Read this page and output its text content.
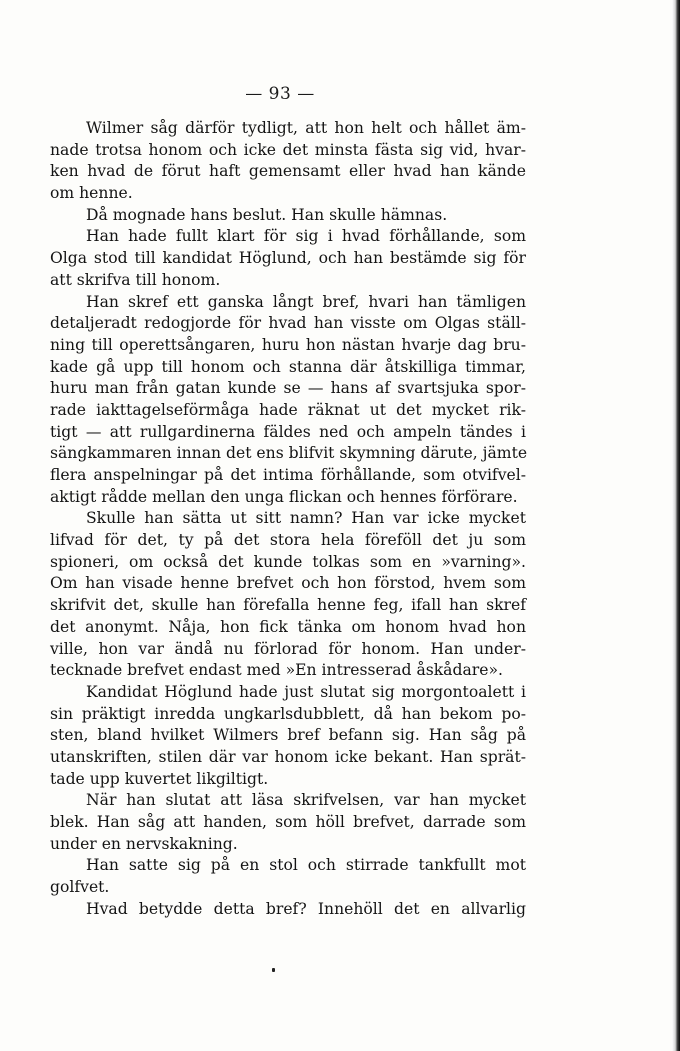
— 93 —
Wilmer såg därför tydligt, att hon helt och hållet äm-
nade trotsa honom och icke det minsta fästa sig vid, hvar-
ken hvad de förut haft gemensamt eller hvad han kände
om henne.
Då mognade hans beslut. Han skulle hämnas.
Han hade fullt klart för sig i hvad förhållande, som
Olga stod till kandidat Höglund, och han bestämde sig för
att skrifva till honom.
Han skref ett ganska långt bref, hvari han tämligen
detaljeradt redogjorde för hvad han visste om Olgas ställ-
ning till operettsångaren, huru hon nästan hvarje dag bru-
kade gå upp till honom och stanna där åtskilliga timmar,
huru man från gatan kunde se — hans af svartsjuka spor-
rade iakttagelseförmåga hade räknat ut det mycket rik-
tigt — att rullgardinerna fäldes ned och ampeln tändes i
sängkammaren innan det ens blifvit skymning därute, jämte
flera anspelningar på det intima förhållande, som otvifvel-
aktigt rådde mellan den unga flickan och hennes förförare.
Skulle han sätta ut sitt namn? Han var icke mycket
lifvad för det, ty på det stora hela föreföll det ju som
spioneri, om också det kunde tolkas som en »varning».
Om han visade henne brefvet och hon förstod, hvem som
skrifvit det, skulle han förefalla henne feg, ifall han skref
det anonymt. Nåja, hon fick tänka om honom hvad hon
ville, hon var ändå nu förlorad för honom. Han under-
tecknade brefvet endast med »En intresserad åskådare».
Kandidat Höglund hade just slutat sig morgontoalett i
sin präktigt inredda ungkarlsdubblett, då han bekom po-
sten, bland hvilket Wilmers bref befann sig. Han såg på
utanskriften, stilen där var honom icke bekant. Han sprät-
tade upp kuvertet likgiltigt.
När han slutat att läsa skrifvelsen, var han mycket
blek. Han såg att handen, som höll brefvet, darrade som
under en nervskakning.
Han satte sig på en stol och stirrade tankfullt mot
golfvet.
Hvad betydde detta bref? Innehöll det en allvarlig
